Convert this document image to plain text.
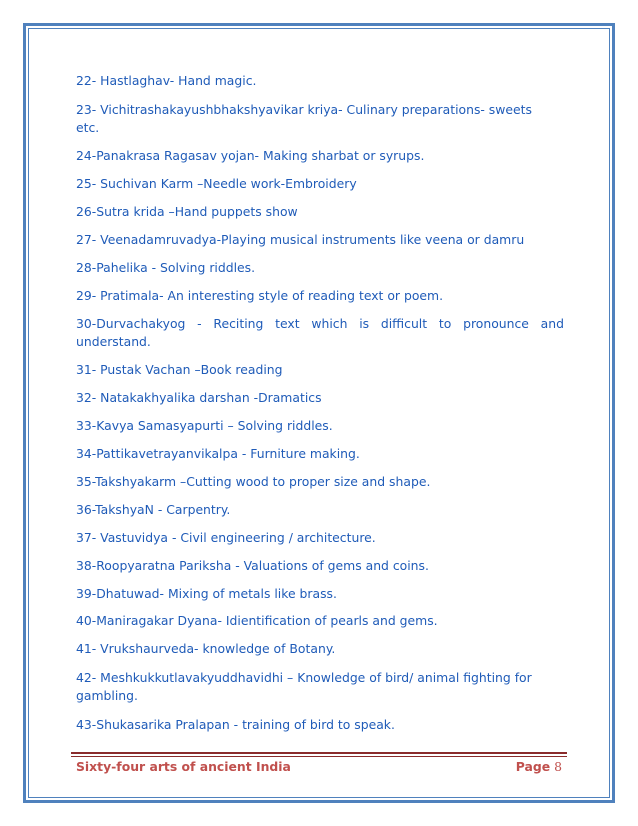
22- Hastlaghav- Hand magic.

23- Vichitrashakayushbhakshyavikar kriya- Culinary preparations- sweets etc.

24-Panakrasa Ragasav yojan- Making sharbat or syrups.

25- Suchivan Karm –Needle work-Embroidery

26-Sutra krida –Hand puppets show

27- Veenadamruvadya-Playing musical instruments like veena or damru

28-Pahelika - Solving riddles.

29- Pratimala- An interesting style of reading text or poem.

30-Durvachakyog - Reciting text which is difficult to pronounce and understand.

31- Pustak Vachan –Book reading

32- Natakakhyalika darshan -Dramatics

33-Kavya Samasyapurti – Solving riddles.

34-Pattikavetrayanvikalpa - Furniture making.

35-Takshyakarm –Cutting wood to proper size and shape.

36-TakshyaN - Carpentry.

37- Vastuvidya - Civil engineering / architecture.

38-Roopyaratna Pariksha - Valuations of gems and coins.

39-Dhatuwad- Mixing of metals like brass.

40-Maniragakar Dyana- Idientification of pearls and gems.

41- Vrukshaurveda- knowledge of Botany.

42- Meshkukkutlavakyuddhavidhi – Knowledge of bird/ animal fighting for gambling.

43-Shukasarika Pralapan - training of bird to speak.

Sixty-four arts of ancient India	Page 8
